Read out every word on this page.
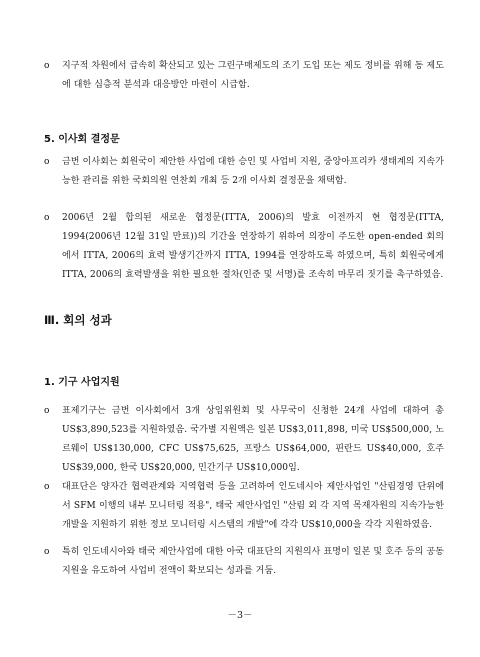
o 지구적 차원에서 급속히 확산되고 있는 그린구매제도의 조기 도입 또는 제도 정비를 위해 동 제도에 대한 심층적 분석과 대응방안 마련이 시급함.
5. 이사회 결정문
o 금번 이사회는 회원국이 제안한 사업에 대한 승인 및 사업비 지원, 중앙아프리카 생태계의 지속가능한 관리를 위한 국회의원 연찬회 개최 등 2개 이사회 결정문을 채택함.
o 2006년 2월 합의된 새로운 협정문(ITTA, 2006)의 발효 이전까지 현 협정문(ITTA, 1994(2006년 12월 31일 만료))의 기간을 연장하기 위하여 의장이 주도한 open-ended 회의에서 ITTA, 2006의 효력 발생기간까지 ITTA, 1994를 연장하도록 하였으며, 특히 회원국에게 ITTA, 2006의 효력발생을 위한 필요한 절차(인준 및 서명)를 조속히 마무리 짓기를 촉구하였음.
Ⅲ. 회의 성과
1. 기구 사업지원
o 표제기구는 금번 이사회에서 3개 상임위원회 및 사무국이 신청한 24개 사업에 대하여 총 US$3,890,523를 지원하였음. 국가별 지원액은 일본 US$3,011,898, 미국 US$500,000, 노르웨이 US$130,000, CFC US$75,625, 프랑스 US$64,000, 핀란드 US$40,000, 호주 US$39,000, 한국 US$20,000, 민간기구 US$10,000임.
o 대표단은 양자간 협력관계와 지역협력 등을 고려하여 인도네시아 제안사업인 "산림경영 단위에서 SFM 이행의 내부 모니터링 적용", 태국 제안사업인 "산림 외 각 지역 목재자원의 지속가능한 개발을 지원하기 위한 정보 모니터링 시스템의 개발"에 각각 US$10,000을 각각 지원하였음.
o 특히 인도네시아와 태국 제안사업에 대한 아국 대표단의 지원의사 표명이 일본 및 호주 등의 공동지원을 유도하여 사업비 전액이 확보되는 성과를 거둠.
－3－
